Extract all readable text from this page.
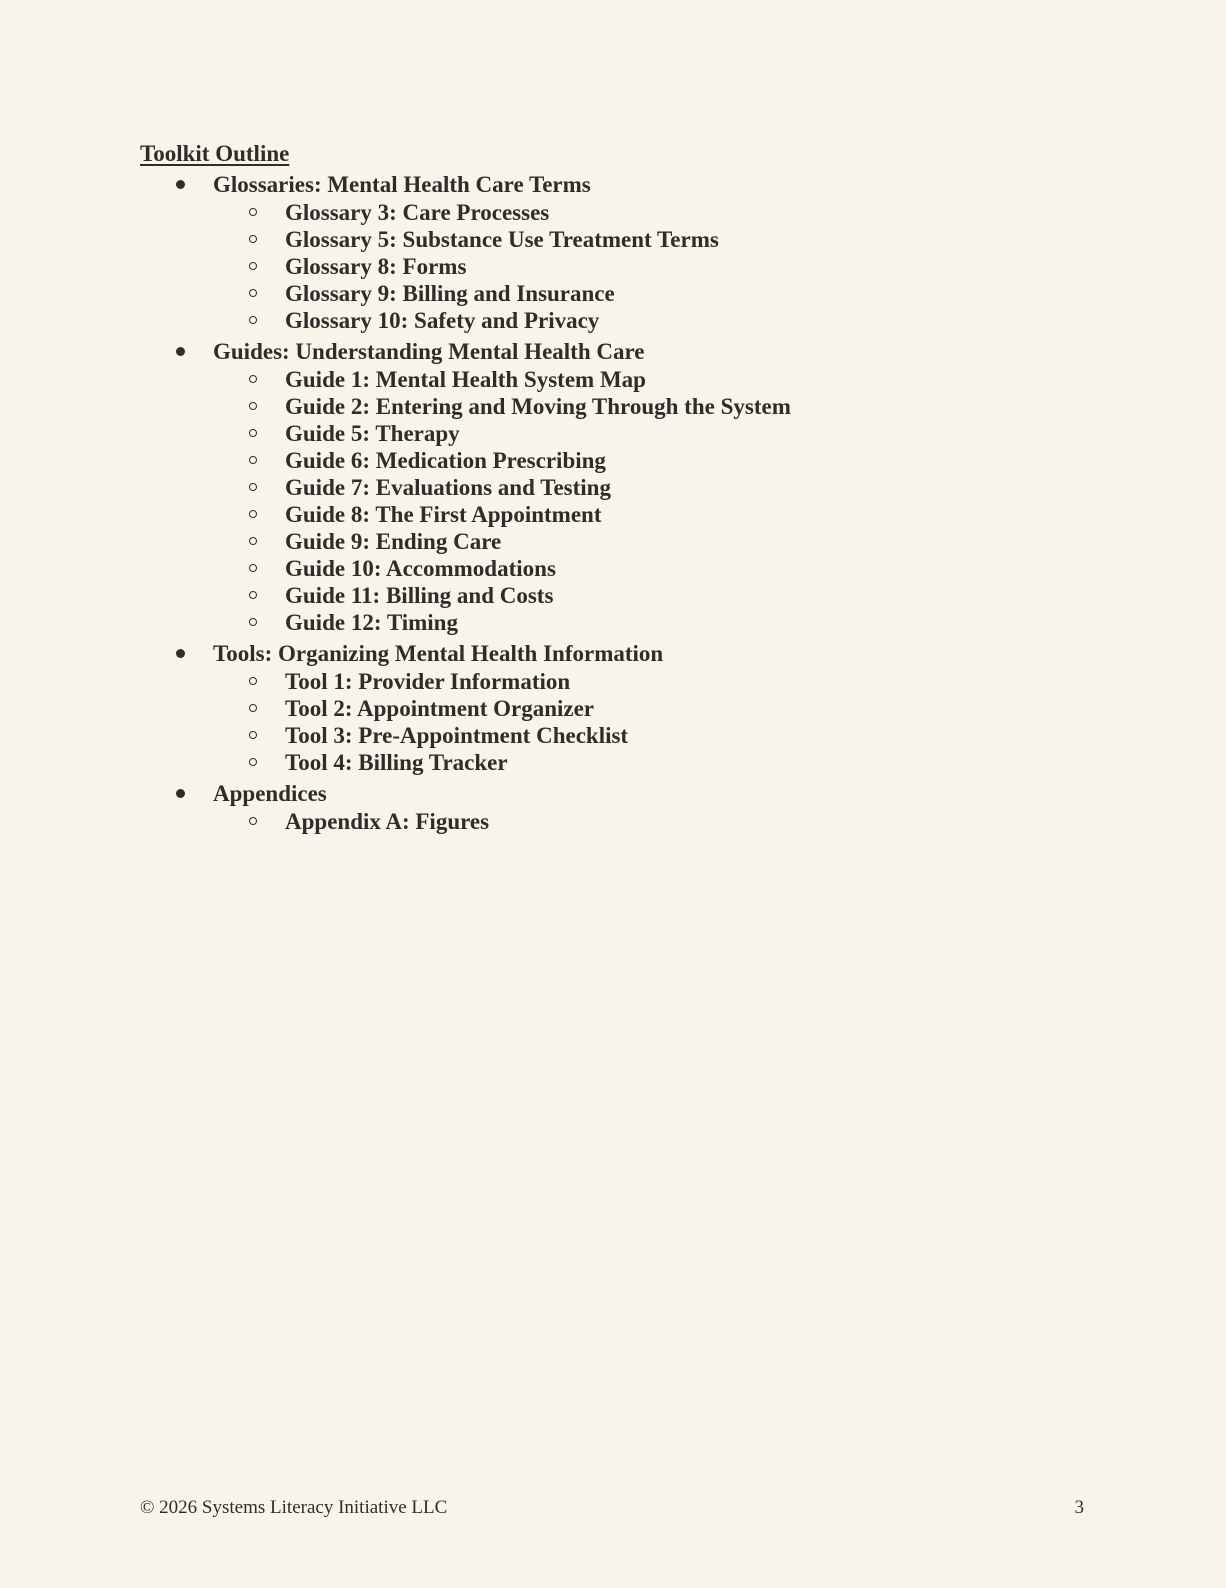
Toolkit Outline
Glossaries: Mental Health Care Terms
Glossary 3: Care Processes
Glossary 5: Substance Use Treatment Terms
Glossary 8: Forms
Glossary 9: Billing and Insurance
Glossary 10: Safety and Privacy
Guides: Understanding Mental Health Care
Guide 1: Mental Health System Map
Guide 2: Entering and Moving Through the System
Guide 5: Therapy
Guide 6: Medication Prescribing
Guide 7: Evaluations and Testing
Guide 8: The First Appointment
Guide 9: Ending Care
Guide 10: Accommodations
Guide 11: Billing and Costs
Guide 12: Timing
Tools: Organizing Mental Health Information
Tool 1: Provider Information
Tool 2: Appointment Organizer
Tool 3: Pre-Appointment Checklist
Tool 4: Billing Tracker
Appendices
Appendix A: Figures
© 2026 Systems Literacy Initiative LLC	3
